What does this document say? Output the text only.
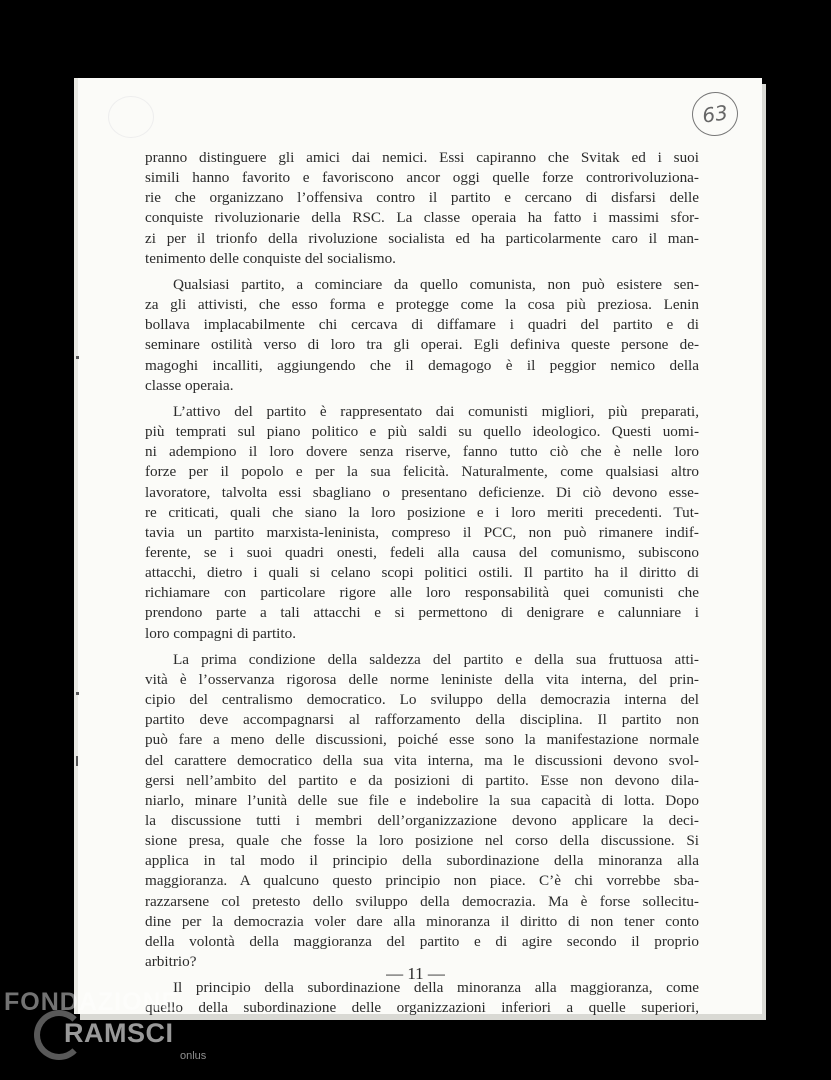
63

pranno distinguere gli amici dai nemici. Essi capiranno che Svitak ed i suoi
simili hanno favorito e favoriscono ancor oggi quelle forze controrivoluziona-
rie che organizzano l’offensiva contro il partito e cercano di disfarsi delle
conquiste rivoluzionarie della RSC. La classe operaia ha fatto i massimi sfor-
zi per il trionfo della rivoluzione socialista ed ha particolarmente caro il man-
tenimento delle conquiste del socialismo.

Qualsiasi partito, a cominciare da quello comunista, non può esistere sen-
za gli attivisti, che esso forma e protegge come la cosa più preziosa. Lenin
bollava implacabilmente chi cercava di diffamare i quadri del partito e di
seminare ostilità verso di loro tra gli operai. Egli definiva queste persone de-
magoghi incalliti, aggiungendo che il demagogo è il peggior nemico della
classe operaia.

L’attivo del partito è rappresentato dai comunisti migliori, più preparati,
più temprati sul piano politico e più saldi su quello ideologico. Questi uomi-
ni adempiono il loro dovere senza riserve, fanno tutto ciò che è nelle loro
forze per il popolo e per la sua felicità. Naturalmente, come qualsiasi altro
lavoratore, talvolta essi sbagliano o presentano deficienze. Di ciò devono esse-
re criticati, quali che siano la loro posizione e i loro meriti precedenti. Tut-
tavia un partito marxista-leninista, compreso il PCC, non può rimanere indif-
ferente, se i suoi quadri onesti, fedeli alla causa del comunismo, subiscono
attacchi, dietro i quali si celano scopi politici ostili. Il partito ha il diritto di
richiamare con particolare rigore alle loro responsabilità quei comunisti che
prendono parte a tali attacchi e si permettono di denigrare e calunniare i
loro compagni di partito.

La prima condizione della saldezza del partito e della sua fruttuosa atti-
vità è l’osservanza rigorosa delle norme leniniste della vita interna, del prin-
cipio del centralismo democratico. Lo sviluppo della democrazia interna del
partito deve accompagnarsi al rafforzamento della disciplina. Il partito non
può fare a meno delle discussioni, poiché esse sono la manifestazione normale
del carattere democratico della sua vita interna, ma le discussioni devono svol-
gersi nell’ambito del partito e da posizioni di partito. Esse non devono dila-
niarlo, minare l’unità delle sue file e indebolire la sua capacità di lotta. Dopo
la discussione tutti i membri dell’organizzazione devono applicare la deci-
sione presa, quale che fosse la loro posizione nel corso della discussione. Si
applica in tal modo il principio della subordinazione della minoranza alla
maggioranza. A qualcuno questo principio non piace. C’è chi vorrebbe sba-
razzarsene col pretesto dello sviluppo della democrazia. Ma è forse sollecitu-
dine per la democrazia voler dare alla minoranza il diritto di non tener conto
della volontà della maggioranza del partito e di agire secondo il proprio
arbitrio?

Il principio della subordinazione della minoranza alla maggioranza, come
quello della subordinazione delle organizzazioni inferiori a quelle superiori,

— 11 —
FONDAZIONE
RAMSCI
onlus
